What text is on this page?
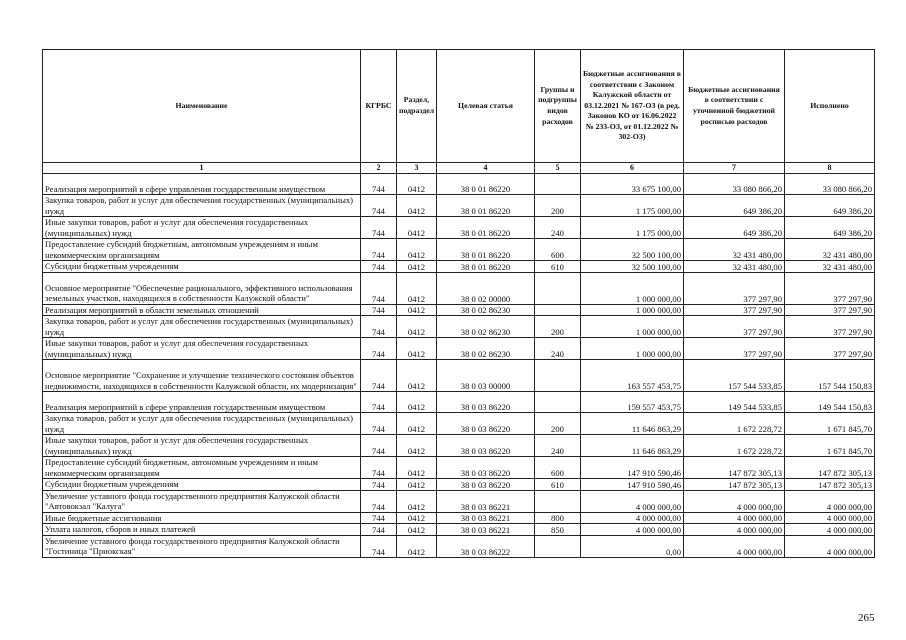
Наименование	КГРБС	Раздел, подраздел	Целевая статья	Группы и подгруппы видов расходов	Бюджетные ассигнования в соответствии с Законом Калужской области от 03.12.2021 № 167-ОЗ (в ред. Законов КО от 16.06.2022 № 233-ОЗ, от 01.12.2022 № 302-ОЗ)	Бюджетные ассигнования в соответствии с уточненной бюджетной росписью расходов	Исполнено
1	2	3	4	5	6	7	8
Реализация мероприятий в сфере управления государственным имуществом	744	0412	38 0 01 86220		33 675 100,00	33 080 866,20	33 080 866,20
Закупка товаров, работ и услуг для обеспечения государственных (муниципальных) нужд	744	0412	38 0 01 86220	200	1 175 000,00	649 386,20	649 386,20
Иные закупки товаров, работ и услуг для обеспечения государственных (муниципальных) нужд	744	0412	38 0 01 86220	240	1 175 000,00	649 386,20	649 386,20
Предоставление субсидий бюджетным, автономным учреждениям и иным некоммерческим организациям	744	0412	38 0 01 86220	600	32 500 100,00	32 431 480,00	32 431 480,00
Субсидии бюджетным учреждениям	744	0412	38 0 01 86220	610	32 500 100,00	32 431 480,00	32 431 480,00
Основное мероприятие "Обеспечение рационального, эффективного использования земельных участков, находящихся в собственности Калужской области"	744	0412	38 0 02 00000		1 000 000,00	377 297,90	377 297,90
Реализация мероприятий в области земельных отношений	744	0412	38 0 02 86230		1 000 000,00	377 297,90	377 297,90
Закупка товаров, работ и услуг для обеспечения государственных (муниципальных) нужд	744	0412	38 0 02 86230	200	1 000 000,00	377 297,90	377 297,90
Иные закупки товаров, работ и услуг для обеспечения государственных (муниципальных) нужд	744	0412	38 0 02 86230	240	1 000 000,00	377 297,90	377 297,90
Основное мероприятие "Сохранение и улучшение технического состояния объектов недвижимости, находящихся в собственности Калужской области, их модернизация"	744	0412	38 0 03 00000		163 557 453,75	157 544 533,85	157 544 150,83
Реализация мероприятий в сфере управления государственным имуществом	744	0412	38 0 03 86220		159 557 453,75	149 544 533,85	149 544 150,83
Закупка товаров, работ и услуг для обеспечения государственных (муниципальных) нужд	744	0412	38 0 03 86220	200	11 646 863,29	1 672 228,72	1 671 845,70
Иные закупки товаров, работ и услуг для обеспечения государственных (муниципальных) нужд	744	0412	38 0 03 86220	240	11 646 863,29	1 672 228,72	1 671 845,70
Предоставление субсидий бюджетным, автономным учреждениям и иным некоммерческим организациям	744	0412	38 0 03 86220	600	147 910 590,46	147 872 305,13	147 872 305,13
Субсидии бюджетным учреждениям	744	0412	38 0 03 86220	610	147 910 590,46	147 872 305,13	147 872 305,13
Увеличение уставного фонда государственного предприятия Калужской области "Автовокзал "Калуга"	744	0412	38 0 03 86221		4 000 000,00	4 000 000,00	4 000 000,00
Иные бюджетные ассигнования	744	0412	38 0 03 86221	800	4 000 000,00	4 000 000,00	4 000 000,00
Уплата налогов, сборов и иных платежей	744	0412	38 0 03 86221	850	4 000 000,00	4 000 000,00	4 000 000,00
Увеличение уставного фонда государственного предприятия Калужской области "Гостиница "Приокская"	744	0412	38 0 03 86222		0,00	4 000 000,00	4 000 000,00
265
